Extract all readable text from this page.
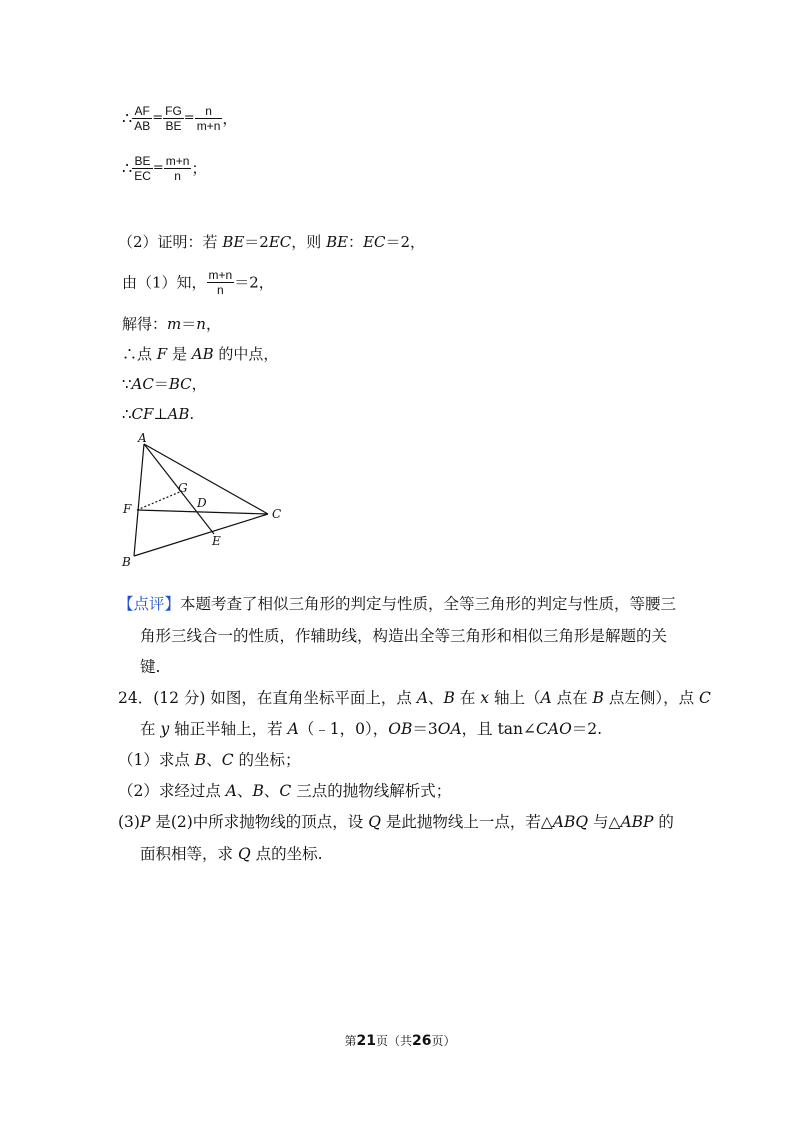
∴ $\frac{AF}{AB} = \frac{FG}{BE} = \frac{n}{m+n}$ ，
∴ $\frac{BE}{EC} = \frac{m+n}{n}$ ；
（2）证明：若 BE＝2EC，则 BE：EC＝2，
由（1）知， $\frac{m+n}{n} =2$，
解得：m＝n，
∴点 F 是 AB 的中点，
∵AC＝BC，
∴CF⊥AB.
A
G
D
F	C
E
B
【点评】本题考查了相似三角形的判定与性质，全等三角形的判定与性质，等腰三
角形三线合一的性质，作辅助线，构造出全等三角形和相似三角形是解题的关
键.
24．(12 分) 如图，在直角坐标平面上，点 A、B 在 x 轴上（A 点在 B 点左侧），点 C
在 y 轴正半轴上，若 A（﹣1，0），OB＝3OA，且 tan∠CAO＝2.
（1）求点 B、C 的坐标；
（2）求经过点 A、B、C 三点的抛物线解析式；
(3)P 是(2)中所求抛物线的顶点，设 Q 是此抛物线上一点，若△ABQ 与△ABP 的
面积相等，求 Q 点的坐标.
第21页（共26页）
